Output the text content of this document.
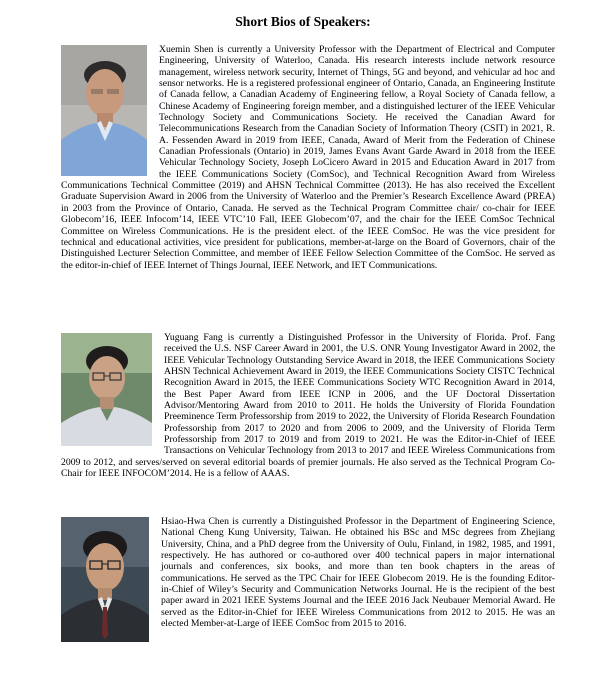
Short Bios of Speakers:
Xuemin Shen is currently a University Professor with the Department of Electrical and Computer Engineering, University of Waterloo, Canada. His research interests include network resource management, wireless network security, Internet of Things, 5G and beyond, and vehicular ad hoc and sensor networks. He is a registered professional engineer of Ontario, Canada, an Engineering Institute of Canada fellow, a Canadian Academy of Engineering fellow, a Royal Society of Canada fellow, a Chinese Academy of Engineering foreign member, and a distinguished lecturer of the IEEE Vehicular Technology Society and Communications Society. He received the Canadian Award for Telecommunications Research from the Canadian Society of Information Theory (CSIT) in 2021, R. A. Fessenden Award in 2019 from IEEE, Canada, Award of Merit from the Federation of Chinese Canadian Professionals (Ontario) in 2019, James Evans Avant Garde Award in 2018 from the IEEE Vehicular Technology Society, Joseph LoCicero Award in 2015 and Education Award in 2017 from the IEEE Communications Society (ComSoc), and Technical Recognition Award from Wireless Communications Technical Committee (2019) and AHSN Technical Committee (2013). He has also received the Excellent Graduate Supervision Award in 2006 from the University of Waterloo and the Premier’s Research Excellence Award (PREA) in 2003 from the Province of Ontario, Canada. He served as the Technical Program Committee chair/ co-chair for IEEE Globecom’16, IEEE Infocom’14, IEEE VTC’10 Fall, IEEE Globecom’07, and the chair for the IEEE ComSoc Technical Committee on Wireless Communications. He is the president elect. of the IEEE ComSoc. He was the vice president for technical and educational activities, vice president for publications, member-at-large on the Board of Governors, chair of the Distinguished Lecturer Selection Committee, and member of IEEE Fellow Selection Committee of the ComSoc. He served as the editor-in-chief of IEEE Internet of Things Journal, IEEE Network, and IET Communications.
Yuguang Fang is currently a Distinguished Professor in the University of Florida. Prof. Fang received the U.S. NSF Career Award in 2001, the U.S. ONR Young Investigator Award in 2002, the IEEE Vehicular Technology Outstanding Service Award in 2018, the IEEE Communications Society AHSN Technical Achievement Award in 2019, the IEEE Communications Society CISTC Technical Recognition Award in 2015, the IEEE Communications Society WTC Recognition Award in 2014, the Best Paper Award from IEEE ICNP in 2006, and the UF Doctoral Dissertation Advisor/Mentoring Award from 2010 to 2011. He holds the University of Florida Foundation Preeminence Term Professorship from 2019 to 2022, the University of Florida Research Foundation Professorship from 2017 to 2020 and from 2006 to 2009, and the University of Florida Term Professorship from 2017 to 2019 and from 2019 to 2021. He was the Editor-in-Chief of IEEE Transactions on Vehicular Technology from 2013 to 2017 and IEEE Wireless Communications from 2009 to 2012, and serves/served on several editorial boards of premier journals. He also served as the Technical Program Co-Chair for IEEE INFOCOM’2014. He is a fellow of AAAS.
Hsiao-Hwa Chen is currently a Distinguished Professor in the Department of Engineering Science, National Cheng Kung University, Taiwan. He obtained his BSc and MSc degrees from Zhejiang University, China, and a PhD degree from the University of Oulu, Finland, in 1982, 1985, and 1991, respectively. He has authored or co-authored over 400 technical papers in major international journals and conferences, six books, and more than ten book chapters in the areas of communications. He served as the TPC Chair for IEEE Globecom 2019. He is the founding Editor-in-Chief of Wiley’s Security and Communication Networks Journal. He is the recipient of the best paper award in 2021 IEEE Systems Journal and the IEEE 2016 Jack Neubauer Memorial Award. He served as the Editor-in-Chief for IEEE Wireless Communications from 2012 to 2015. He was an elected Member-at-Large of IEEE ComSoc from 2015 to 2016.
